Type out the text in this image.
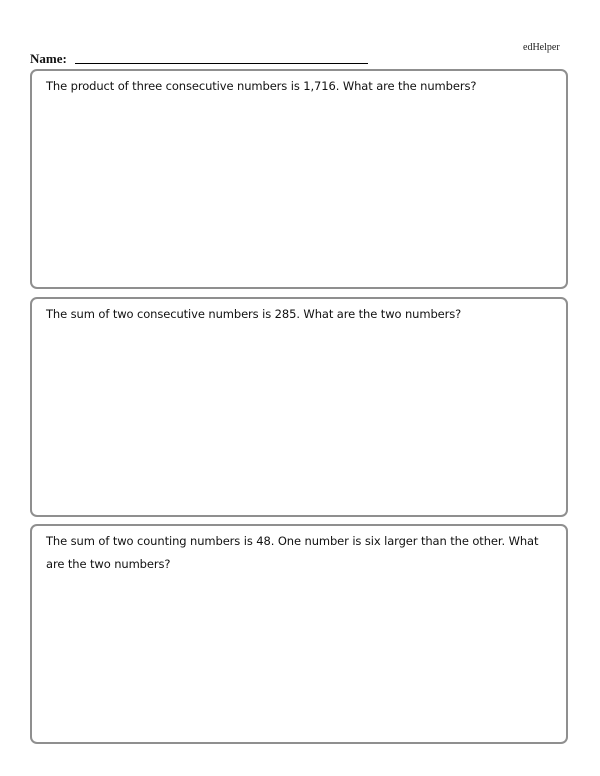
edHelper
Name:
The product of three consecutive numbers is 1,716. What are the numbers?
The sum of two consecutive numbers is 285. What are the two numbers?
The sum of two counting numbers is 48. One number is six larger than the other. What are the two numbers?
